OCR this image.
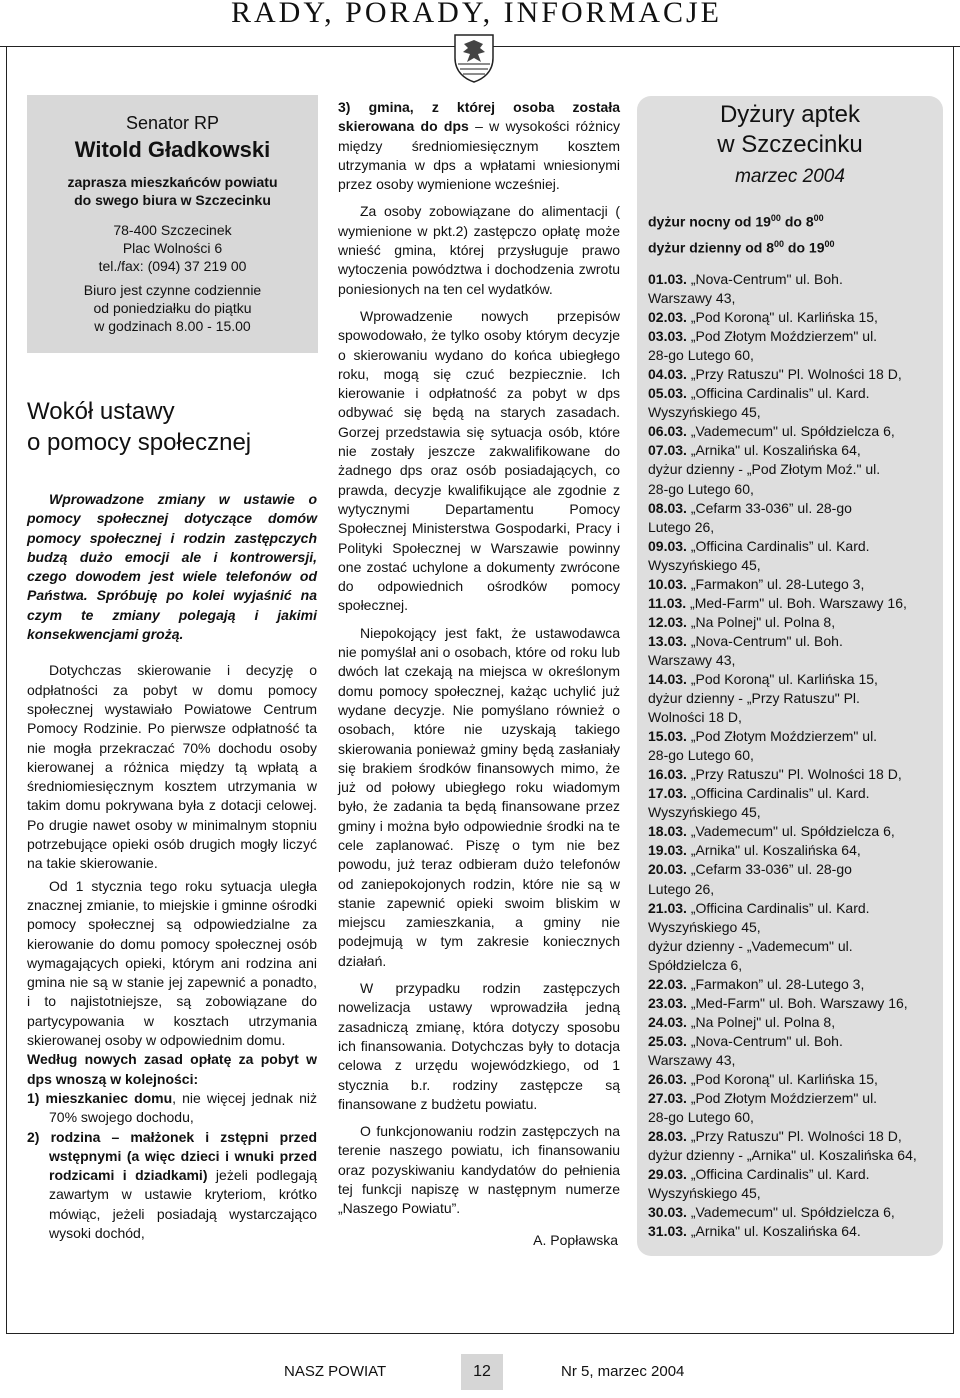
RADY, PORADY, INFORMACJE
Senator RP
Witold Gładkowski
zaprasza mieszkańców powiatu
do swego biura w Szczecinku
78-400 Szczecinek
Plac Wolności 6
tel./fax: (094) 37 219 00
Biuro jest czynne codziennie
od poniedziałku do piątku
w godzinach 8.00 - 15.00
Wokół ustawy
o pomocy społecznej

Wprowadzone zmiany w ustawie o pomocy społecznej dotyczące domów pomocy społecznej i rodzin zastępczych budzą dużo emocji ale i kontrowersji, czego dowodem jest wiele telefonów od Państwa. Spróbuję po kolei wyjaśnić na czym te zmiany polegają i jakimi konsekwencjami grożą.

Dotychczas skierowanie i decyzję o odpłatności za pobyt w domu pomocy społecznej wystawiało Powiatowe Centrum Pomocy Rodzinie. Po pierwsze odpłatność ta nie mogła przekraczać 70% dochodu osoby kierowanej a różnica między tą wpłatą a średniomiesięcznym kosztem utrzymania w takim domu pokrywana była z dotacji celowej. Po drugie nawet osoby w minimalnym stopniu potrzebujące opieki osób drugich mogły liczyć na takie skierowanie.

Od 1 stycznia tego roku sytuacja uległa znacznej zmianie, to miejskie i gminne ośrodki pomocy społecznej są odpowiedzialne za kierowanie do domu pomocy społecznej osób wymagających opieki, którym ani rodzina ani gmina nie są w stanie jej zapewnić a ponadto, i to najistotniejsze, są zobowiązane do partycypowania w kosztach utrzymania skierowanej osoby w odpowiednim domu.

Według nowych zasad opłatę za pobyt w dps wnoszą w kolejności:

1) mieszkaniec domu, nie więcej jednak niż 70% swojego dochodu,

2) rodzina – małżonek i zstępni przed wstępnymi (a więc dzieci i wnuki przed rodzicami i dziadkami) jeżeli podlegają zawartym w ustawie kryteriom, krótko mówiąc, jeżeli posiadają wystarczająco wysoki dochód,

3) gmina, z której osoba została skierowana do dps – w wysokości różnicy między średniomiesięcznym kosztem utrzymania w dps a wpłatami wniesionymi przez osoby wymienione wcześniej.

Za osoby zobowiązane do alimentacji ( wymienione w pkt.2) zastępczo opłatę może wnieść gmina, której przysługuje prawo wytoczenia powództwa i dochodzenia zwrotu poniesionych na ten cel wydatków.

Wprowadzenie nowych przepisów spowodowało, że tylko osoby którym decyzje o skierowaniu wydano do końca ubiegłego roku, mogą się czuć bezpiecznie. Ich kierowanie i odpłatność za pobyt w dps odbywać się będą na starych zasadach. Gorzej przedstawia się sytuacja osób, które nie zostały jeszcze zakwalifikowane do żadnego dps oraz osób posiadających, co prawda, decyzje kwalifikujące ale zgodnie z wytycznymi Departamentu Pomocy Społecznej Ministerstwa Gospodarki, Pracy i Polityki Społecznej w Warszawie powinny one zostać uchylone a dokumenty zwrócone do odpowiednich ośrodków pomocy społecznej.

Niepokojący jest fakt, że ustawodawca nie pomyślał ani o osobach, które od roku lub dwóch lat czekają na miejsca w określonym domu pomocy społecznej, każąc uchylić już wydane decyzje. Nie pomyślano również o osobach, które nie uzyskają takiego skierowania ponieważ gminy będą zasłaniały się brakiem środków finansowych mimo, że już od połowy ubiegłego roku wiadomym było, że zadania ta będą finansowane przez gminy i można było odpowiednie środki na te cele zaplanować. Piszę o tym nie bez powodu, już teraz odbieram dużo telefonów od zaniepokojonych rodzin, które nie są w stanie zapewnić opieki swoim bliskim w miejscu zamieszkania, a gminy nie podejmują w tym zakresie koniecznych działań.

W przypadku rodzin zastępczych nowelizacja ustawy wprowadziła jedną zasadniczą zmianę, która dotyczy sposobu ich finansowania. Dotychczas były to dotacja celowa z urzędu wojewódzkiego, od 1 stycznia b.r. rodziny zastępcze są finansowane z budżetu powiatu.

O funkcjonowaniu rodzin zastępczych na terenie naszego powiatu, ich finansowaniu oraz pozyskiwaniu kandydatów do pełnienia tej funkcji napiszę w następnym numerze „Naszego Powiatu”.

A. Popławska

Dyżury aptek
w Szczecinku
marzec 2004
dyżur nocny od $19^{00}$ do $8^{00}$
dyżur dzienny od $8^{00}$ do $19^{00}$
01.03. „Nova-Centrum" ul. Boh.
Warszawy 43,
02.03. „Pod Koroną" ul. Karlińska 15,
03.03. „Pod Złotym Moździerzem" ul.
28-go Lutego 60,
04.03. „Przy Ratuszu" Pl. Wolności 18 D,
05.03. „Officina Cardinalis” ul. Kard.
Wyszyńskiego 45,
06.03. „Vademecum" ul. Spółdzielcza 6,
07.03. „Arnika" ul. Koszalińska 64,
dyżur dzienny - „Pod Złotym Moź." ul.
28-go Lutego 60,
08.03. „Cefarm 33-036” ul. 28-go
Lutego 26,
09.03. „Officina Cardinalis” ul. Kard.
Wyszyńskiego 45,
10.03. „Farmakon” ul. 28-Lutego 3,
11.03. „Med-Farm" ul. Boh. Warszawy 16,
12.03. „Na Polnej" ul. Polna 8,
13.03. „Nova-Centrum" ul. Boh.
Warszawy 43,
14.03. „Pod Koroną" ul. Karlińska 15,
dyżur dzienny - „Przy Ratuszu" Pl.
Wolności 18 D,
15.03. „Pod Złotym Moździerzem" ul.
28-go Lutego 60,
16.03. „Przy Ratuszu" Pl. Wolności 18 D,
17.03. „Officina Cardinalis” ul. Kard.
Wyszyńskiego 45,
18.03. „Vademecum" ul. Spółdzielcza 6,
19.03. „Arnika" ul. Koszalińska 64,
20.03. „Cefarm 33-036” ul. 28-go
Lutego 26,
21.03. „Officina Cardinalis” ul. Kard.
Wyszyńskiego 45,
dyżur dzienny - „Vademecum" ul.
Spółdzielcza 6,
22.03. „Farmakon” ul. 28-Lutego 3,
23.03. „Med-Farm" ul. Boh. Warszawy 16,
24.03. „Na Polnej" ul. Polna 8,
25.03. „Nova-Centrum" ul. Boh.
Warszawy 43,
26.03. „Pod Koroną" ul. Karlińska 15,
27.03. „Pod Złotym Moździerzem" ul.
28-go Lutego 60,
28.03. „Przy Ratuszu" Pl. Wolności 18 D,
dyżur dzienny - „Arnika" ul. Koszalińska 64,
29.03. „Officina Cardinalis” ul. Kard.
Wyszyńskiego 45,
30.03. „Vademecum" ul. Spółdzielcza 6,
31.03. „Arnika" ul. Koszalińska 64.
NASZ POWIAT	12	Nr 5, marzec 2004
